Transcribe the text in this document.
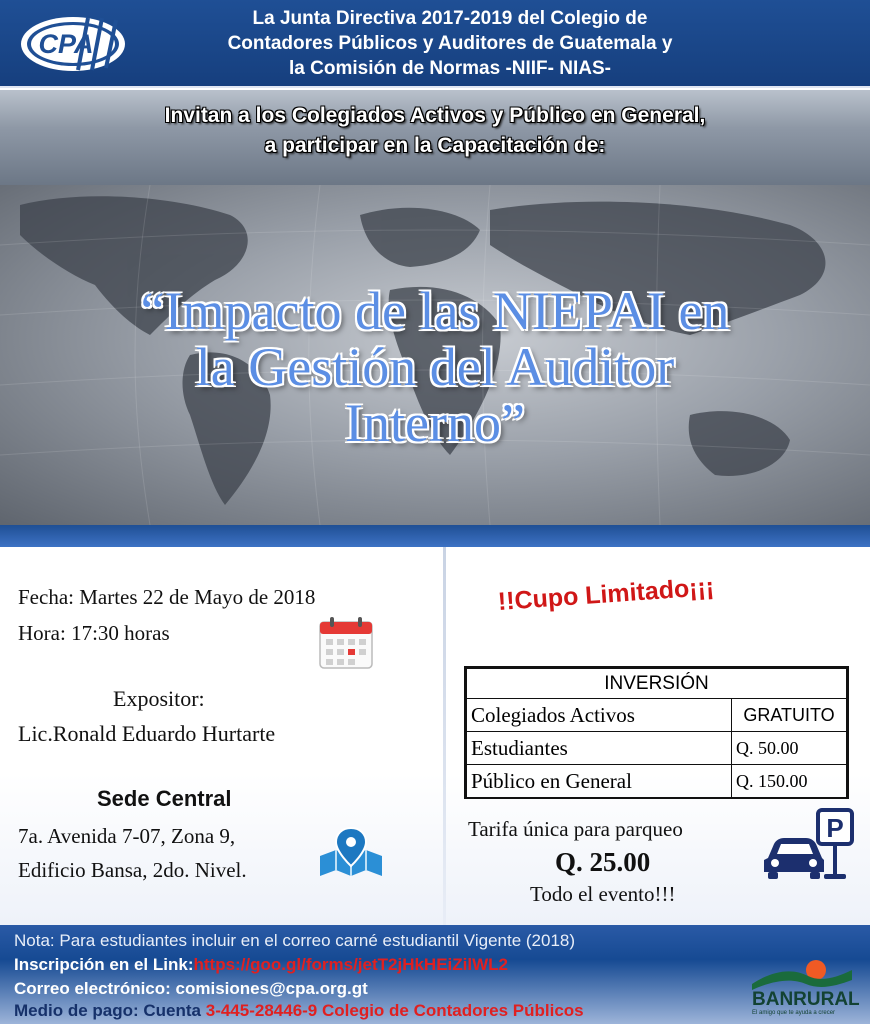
CPA
La Junta Directiva 2017-2019 del Colegio de
Contadores Públicos y Auditores de Guatemala y
la Comisión de Normas -NIIF- NIAS-
Invitan a los Colegiados Activos y Público en General,
a participar en la Capacitación de:
“Impacto de las NIEPAI en
la Gestión del Auditor
Interno”
Fecha: Martes 22 de Mayo de 2018
Hora: 17:30 horas
Expositor:
Lic.Ronald Eduardo Hurtarte
Sede Central
7a. Avenida 7-07, Zona 9,
Edificio Bansa, 2do. Nivel.
!!Cupo Limitado¡¡¡
INVERSIÓN	
Colegiados Activos	GRATUITO
Estudiantes	Q. 50.00
Público en General	Q. 150.00
Tarifa única para parqueo
Q. 25.00
Todo el evento!!!
P
Nota: Para estudiantes incluir en el correo carné estudiantil Vigente (2018)
Inscripción en el Link:https://goo.gl/forms/jetT2jHkHEiZilWL2
Correo electrónico: comisiones@cpa.org.gt
Medio de pago: Cuenta 3-445-28446-9 Colegio de Contadores Públicos
BANRURAL
El amigo que te ayuda a crecer
